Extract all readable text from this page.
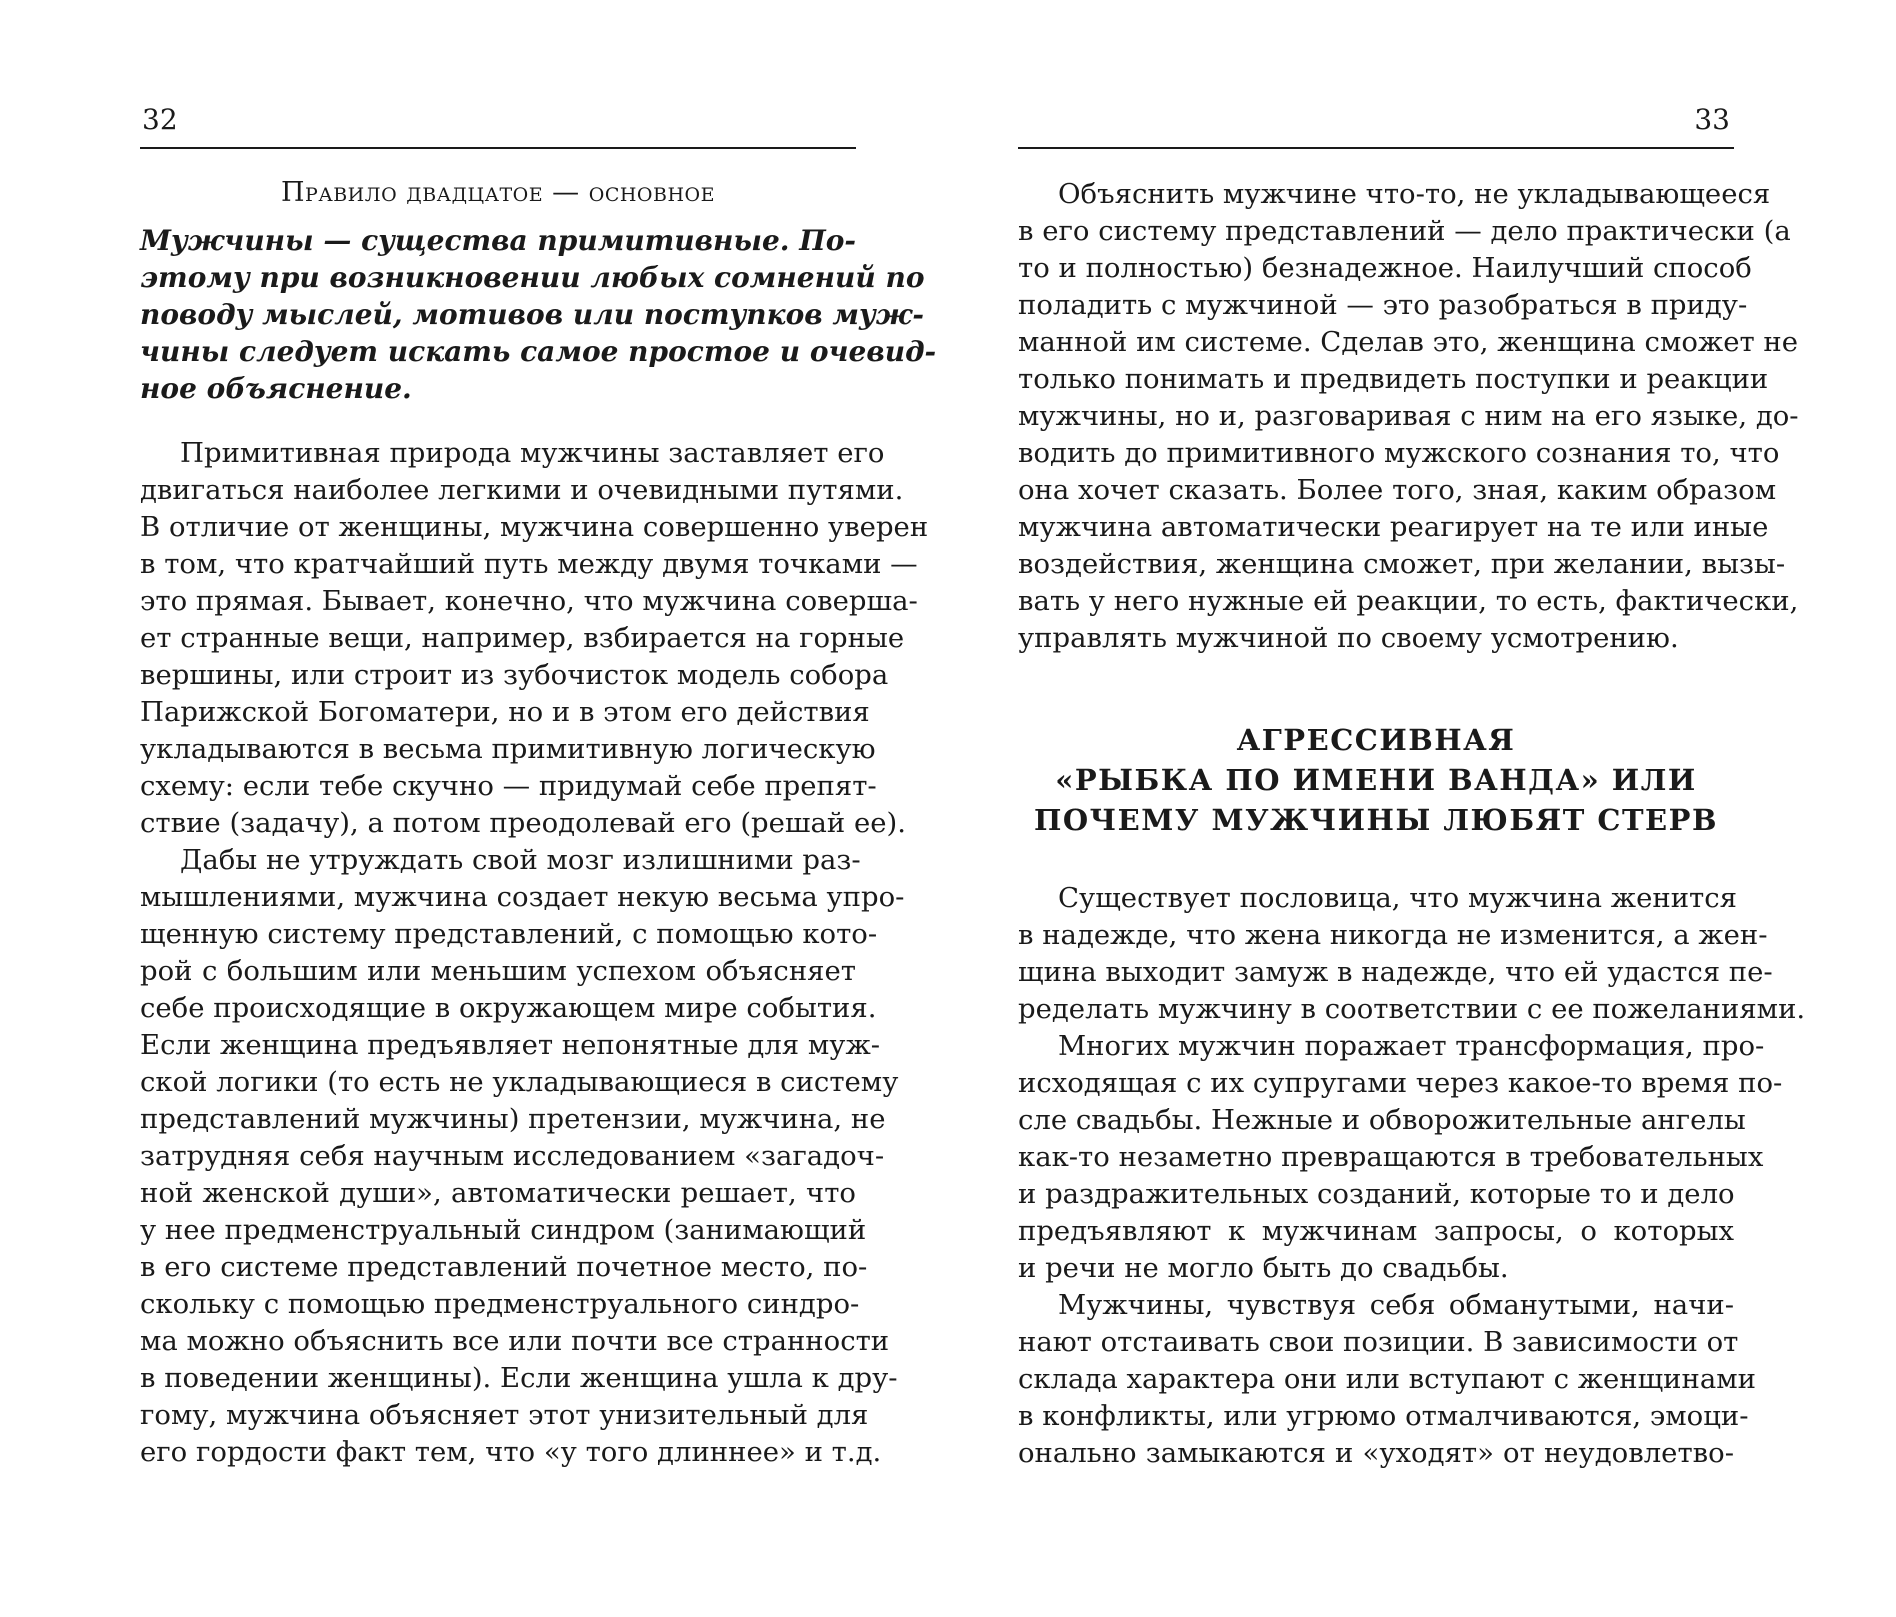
32
Правило двадцатое — основное
Мужчины — существа примитивные. По-
этому при возникновении любых сомнений по
поводу мыслей, мотивов или поступков муж-
чины следует искать самое простое и очевид-
ное объяснение.
Примитивная природа мужчины заставляет его
двигаться наиболее легкими и очевидными путями.
В отличие от женщины, мужчина совершенно уверен
в том, что кратчайший путь между двумя точками —
это прямая. Бывает, конечно, что мужчина соверша-
ет странные вещи, например, взбирается на горные
вершины, или строит из зубочисток модель собора
Парижской Богоматери, но и в этом его действия
укладываются в весьма примитивную логическую
схему: если тебе скучно — придумай себе препят-
ствие (задачу), а потом преодолевай его (решай ее).
Дабы не утруждать свой мозг излишними раз-
мышлениями, мужчина создает некую весьма упро-
щенную систему представлений, с помощью кото-
рой с большим или меньшим успехом объясняет
себе происходящие в окружающем мире события.
Если женщина предъявляет непонятные для муж-
ской логики (то есть не укладывающиеся в систему
представлений мужчины) претензии, мужчина, не
затрудняя себя научным исследованием «загадоч-
ной женской души», автоматически решает, что
у нее предменструальный синдром (занимающий
в его системе представлений почетное место, по-
скольку с помощью предменструального синдро-
ма можно объяснить все или почти все странности
в поведении женщины). Если женщина ушла к дру-
гому, мужчина объясняет этот унизительный для
его гордости факт тем, что «у того длиннее» и т.д.
33
Объяснить мужчине что-то, не укладывающееся
в его систему представлений — дело практически (а
то и полностью) безнадежное. Наилучший способ
поладить с мужчиной — это разобраться в приду-
манной им системе. Сделав это, женщина сможет не
только понимать и предвидеть поступки и реакции
мужчины, но и, разговаривая с ним на его языке, до-
водить до примитивного мужского сознания то, что
она хочет сказать. Более того, зная, каким образом
мужчина автоматически реагирует на те или иные
воздействия, женщина сможет, при желании, вызы-
вать у него нужные ей реакции, то есть, фактически,
управлять мужчиной по своему усмотрению.
АГРЕССИВНАЯ
«РЫБКА ПО ИМЕНИ ВАНДА» ИЛИ
ПОЧЕМУ МУЖЧИНЫ ЛЮБЯТ СТЕРВ
Существует пословица, что мужчина женится
в надежде, что жена никогда не изменится, а жен-
щина выходит замуж в надежде, что ей удастся пе-
ределать мужчину в соответствии с ее пожеланиями.
Многих мужчин поражает трансформация, про-
исходящая с их супругами через какое-то время по-
сле свадьбы. Нежные и обворожительные ангелы
как-то незаметно превращаются в требовательных
и раздражительных созданий, которые то и дело
предъявляют к мужчинам запросы, о которых
и речи не могло быть до свадьбы.
Мужчины, чувствуя себя обманутыми, начи-
нают отстаивать свои позиции. В зависимости от
склада характера они или вступают с женщинами
в конфликты, или угрюмо отмалчиваются, эмоци-
онально замыкаются и «уходят» от неудовлетво-
